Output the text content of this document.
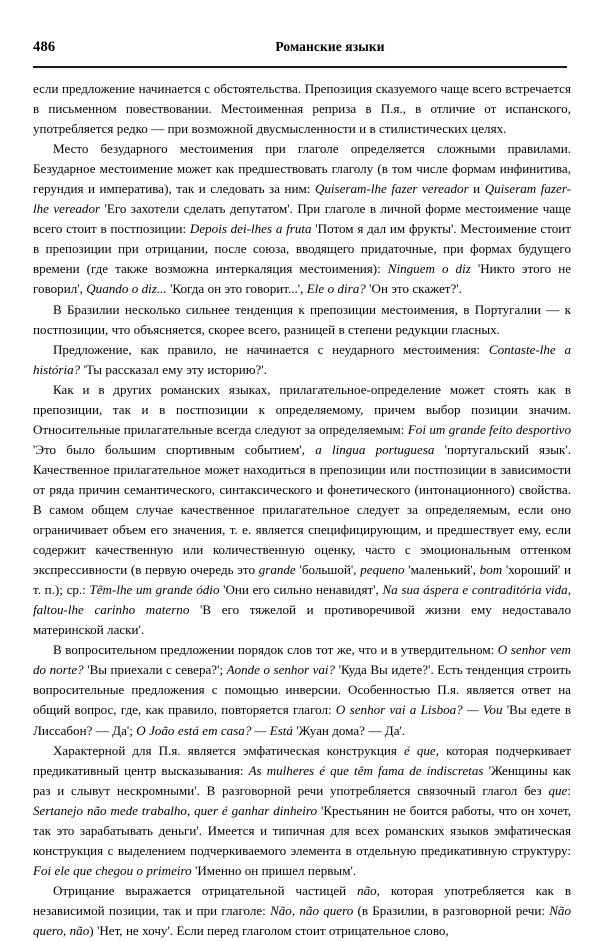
486	Романские языки

если предложение начинается с обстоятельства. Препозиция сказуемого чаще всего встречается в письменном повествовании. Местоименная реприза в П.я., в отличие от испанского, употребляется редко — при возможной двусмысленности и в стилистических целях.

Место безударного местоимения при глаголе определяется сложными правилами. Безударное местоимение может как предшествовать глаголу (в том числе формам инфинитива, герундия и императива), так и следовать за ним: Quiseram-lhe fazer vereador и Quiseram fazer-lhe vereador 'Его захотели сделать депутатом'. При глаголе в личной форме местоимение чаще всего стоит в постпозиции: Depois dei-lhes a fruta 'Потом я дал им фрукты'. Местоимение стоит в препозиции при отрицании, после союза, вводящего придаточные, при формах будущего времени (где также возможна интеркаляция местоимения): Ninguem o diz 'Никто этого не говорил', Quando o diz... 'Когда он это говорит...', Ele o dira? 'Он это скажет?'.

В Бразилии несколько сильнее тенденция к препозиции местоимения, в Португалии — к постпозиции, что объясняется, скорее всего, разницей в степени редукции гласных.

Предложение, как правило, не начинается с неударного местоимения: Contaste-lhe a história? 'Ты рассказал ему эту историю?'.

Как и в других романских языках, прилагательное-определение может стоять как в препозиции, так и в постпозиции к определяемому, причем выбор позиции значим. Относительные прилагательные всегда следуют за определяемым: Foi um grande feito desportivo 'Это было большим спортивным событием', a lingua portuguesa 'португальский язык'. Качественное прилагательное может находиться в препозиции или постпозиции в зависимости от ряда причин семантического, синтаксического и фонетического (интонационного) свойства. В самом общем случае качественное прилагательное следует за определяемым, если оно ограничивает объем его значения, т. е. является специфицирующим, и предшествует ему, если содержит качественную или количественную оценку, часто с эмоциональным оттенком экспрессивности (в первую очередь это grande 'большой', pequeno 'маленький', bom 'хороший' и т. п.); ср.: Têm-lhe um grande ódio 'Они его сильно ненавидят', Na sua áspera e contraditória vida, faltou-lhe carinho materno 'В его тяжелой и противоречивой жизни ему недоставало материнской ласки'.

В вопросительном предложении порядок слов тот же, что и в утвердительном: O senhor vem do norte? 'Вы приехали с севера?'; Aonde o senhor vai? 'Куда Вы идете?'. Есть тенденция строить вопросительные предложения с помощью инверсии. Особенностью П.я. является ответ на общий вопрос, где, как правило, повторяется глагол: O senhor vai a Lisboa? — Vou 'Вы едете в Лиссабон? — Да'; O João está em casa? — Está 'Жуан дома? — Да'.

Характерной для П.я. является эмфатическая конструкция é que, которая подчеркивает предикативный центр высказывания: As mulheres é que têm fama de indiscretas 'Женщины как раз и слывут нескромными'. В разговорной речи употребляется связочный глагол без que: Sertanejo não mede trabalho, quer é ganhar dinheiro 'Крестьянин не боится работы, что он хочет, так это зарабатывать деньги'. Имеется и типичная для всех романских языков эмфатическая конструкция с выделением подчеркиваемого элемента в отдельную предикативную структуру: Foi ele que chegou o primeiro 'Именно он пришел первым'.

Отрицание выражается отрицательной частицей não, которая употребляется как в независимой позиции, так и при глаголе: Não, não quero (в Бразилии, в разговорной речи: Não quero, não) 'Нет, не хочу'. Если перед глаголом стоит отрицательное слово,
